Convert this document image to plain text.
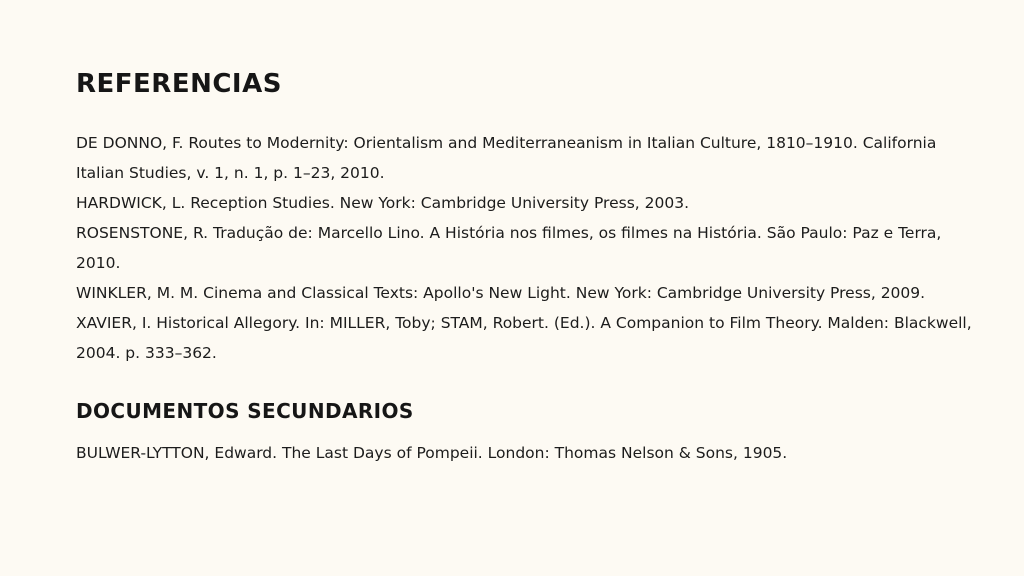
REFERENCIAS

DE DONNO, F. Routes to Modernity: Orientalism and Mediterraneanism in Italian Culture, 1810–1910. California Italian Studies, v. 1, n. 1, p. 1–23, 2010.

HARDWICK, L. Reception Studies. New York: Cambridge University Press, 2003.

ROSENSTONE, R. Tradução de: Marcello Lino. A História nos filmes, os filmes na História. São Paulo: Paz e Terra, 2010.

WINKLER, M. M. Cinema and Classical Texts: Apollo's New Light. New York: Cambridge University Press, 2009.

XAVIER, I. Historical Allegory. In: MILLER, Toby; STAM, Robert. (Ed.). A Companion to Film Theory. Malden: Blackwell, 2004. p. 333–362.

DOCUMENTOS SECUNDARIOS

BULWER-LYTTON, Edward. The Last Days of Pompeii. London: Thomas Nelson & Sons, 1905.
